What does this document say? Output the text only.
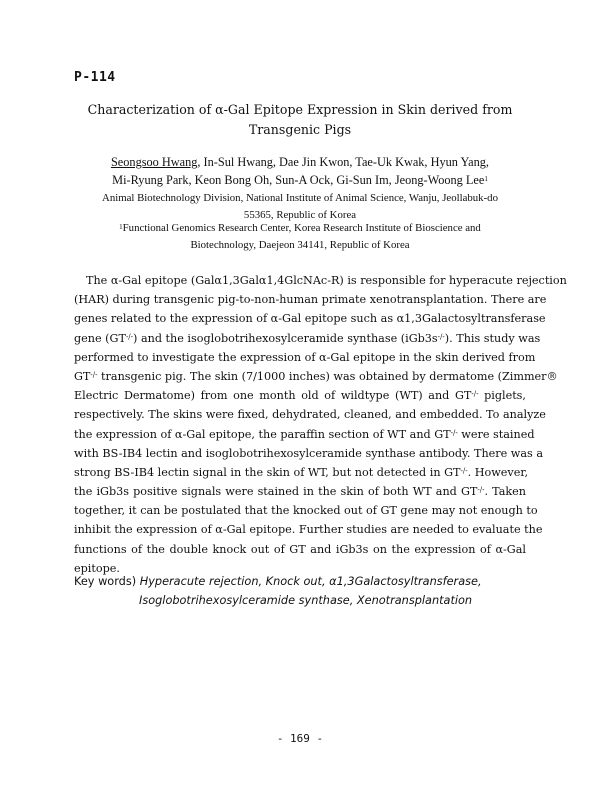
P-114
Characterization of α-Gal Epitope Expression in Skin derived from
Transgenic Pigs
Seongsoo Hwang, In-Sul Hwang, Dae Jin Kwon, Tae-Uk Kwak, Hyun Yang,
Mi-Ryung Park, Keon Bong Oh, Sun-A Ock, Gi-Sun Im, Jeong-Woong Lee$^1$
Animal Biotechnology Division, National Institute of Animal Science, Wanju, Jeollabuk-do
55365, Republic of Korea
$^1$Functional Genomics Research Center, Korea Research Institute of Bioscience and
Biotechnology, Daejeon 34141, Republic of Korea
The α-Gal epitope (Galα1,3Galα1,4GlcNAc-R) is responsible for hyperacute rejection
(HAR) during transgenic pig-to-non-human primate xenotransplantation. There are
genes related to the expression of α-Gal epitope such as α1,3Galactosyltransferase
gene (GT-/-) and the isoglobotrihexosylceramide synthase (iGb3s-/-). This study was
performed to investigate the expression of α-Gal epitope in the skin derived from
GT-/- transgenic pig. The skin (7/1000 inches) was obtained by dermatome (Zimmer®
Electric Dermatome) from one month old of wildtype (WT) and GT-/- piglets,
respectively. The skins were fixed, dehydrated, cleaned, and embedded. To analyze
the expression of α-Gal epitope, the paraffin section of WT and GT-/- were stained
with BS-IB4 lectin and isoglobotrihexosylceramide synthase antibody. There was a
strong BS-IB4 lectin signal in the skin of WT, but not detected in GT-/-. However,
the iGb3s positive signals were stained in the skin of both WT and GT-/-. Taken
together, it can be postulated that the knocked out of GT gene may not enough to
inhibit the expression of α-Gal epitope. Further studies are needed to evaluate the
functions of the double knock out of GT and iGb3s on the expression of α-Gal
epitope.
Key words) Hyperacute rejection, Knock out, α1,3Galactosyltransferase,
Isoglobotrihexosylceramide synthase, Xenotransplantation
- 169 -
